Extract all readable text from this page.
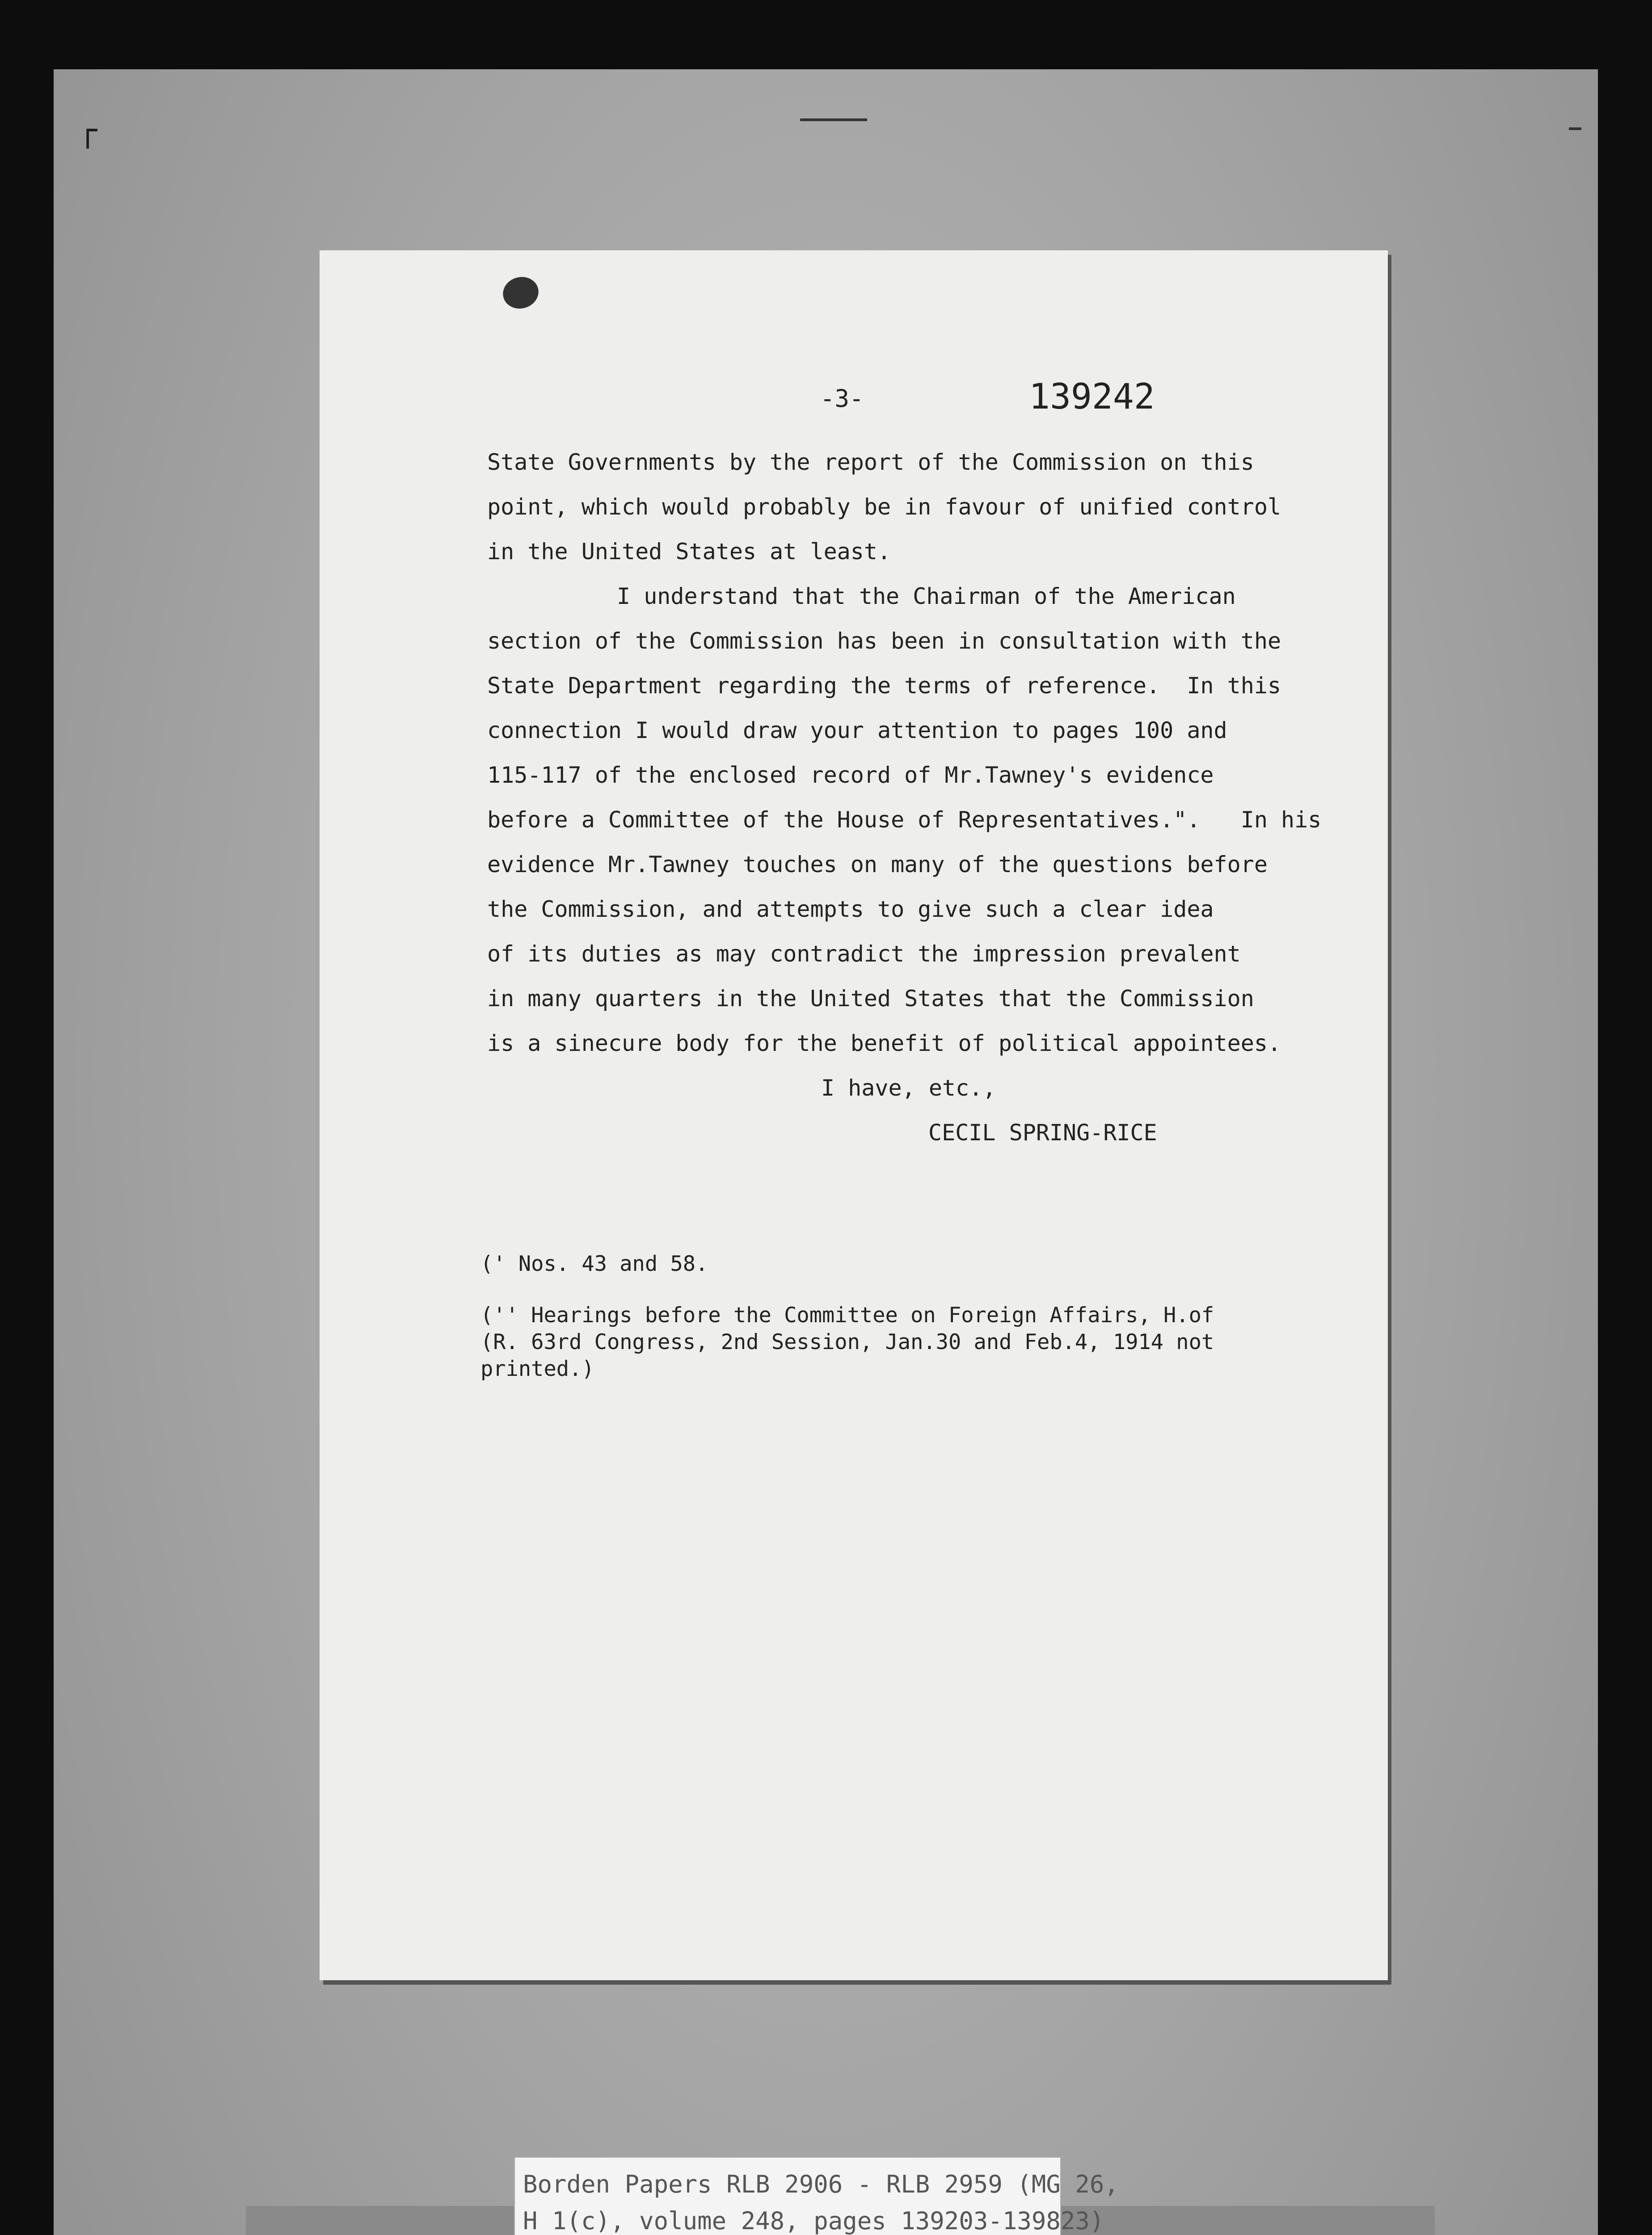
┌
-3-	139242
State Governments by the report of the Commission on this
point, which would probably be in favour of unified control
in the United States at least.
I understand that the Chairman of the American
section of the Commission has been in consultation with the
State Department regarding the terms of reference.  In this
connection I would draw your attention to pages 100 and
115-117 of the enclosed record of Mr.Tawney's evidence
before a Committee of the House of Representatives.".   In his
evidence Mr.Tawney touches on many of the questions before
the Commission, and attempts to give such a clear idea
of its duties as may contradict the impression prevalent
in many quarters in the United States that the Commission
is a sinecure body for the benefit of political appointees.
I have, etc.,
CECIL SPRING-RICE
(' Nos. 43 and 58.
('' Hearings before the Committee on Foreign Affairs, H.of
(R. 63rd Congress, 2nd Session, Jan.30 and Feb.4, 1914 not
printed.)
Borden Papers RLB 2906 - RLB 2959 (MG 26,
H 1(c), volume 248, pages 139203-139823)
